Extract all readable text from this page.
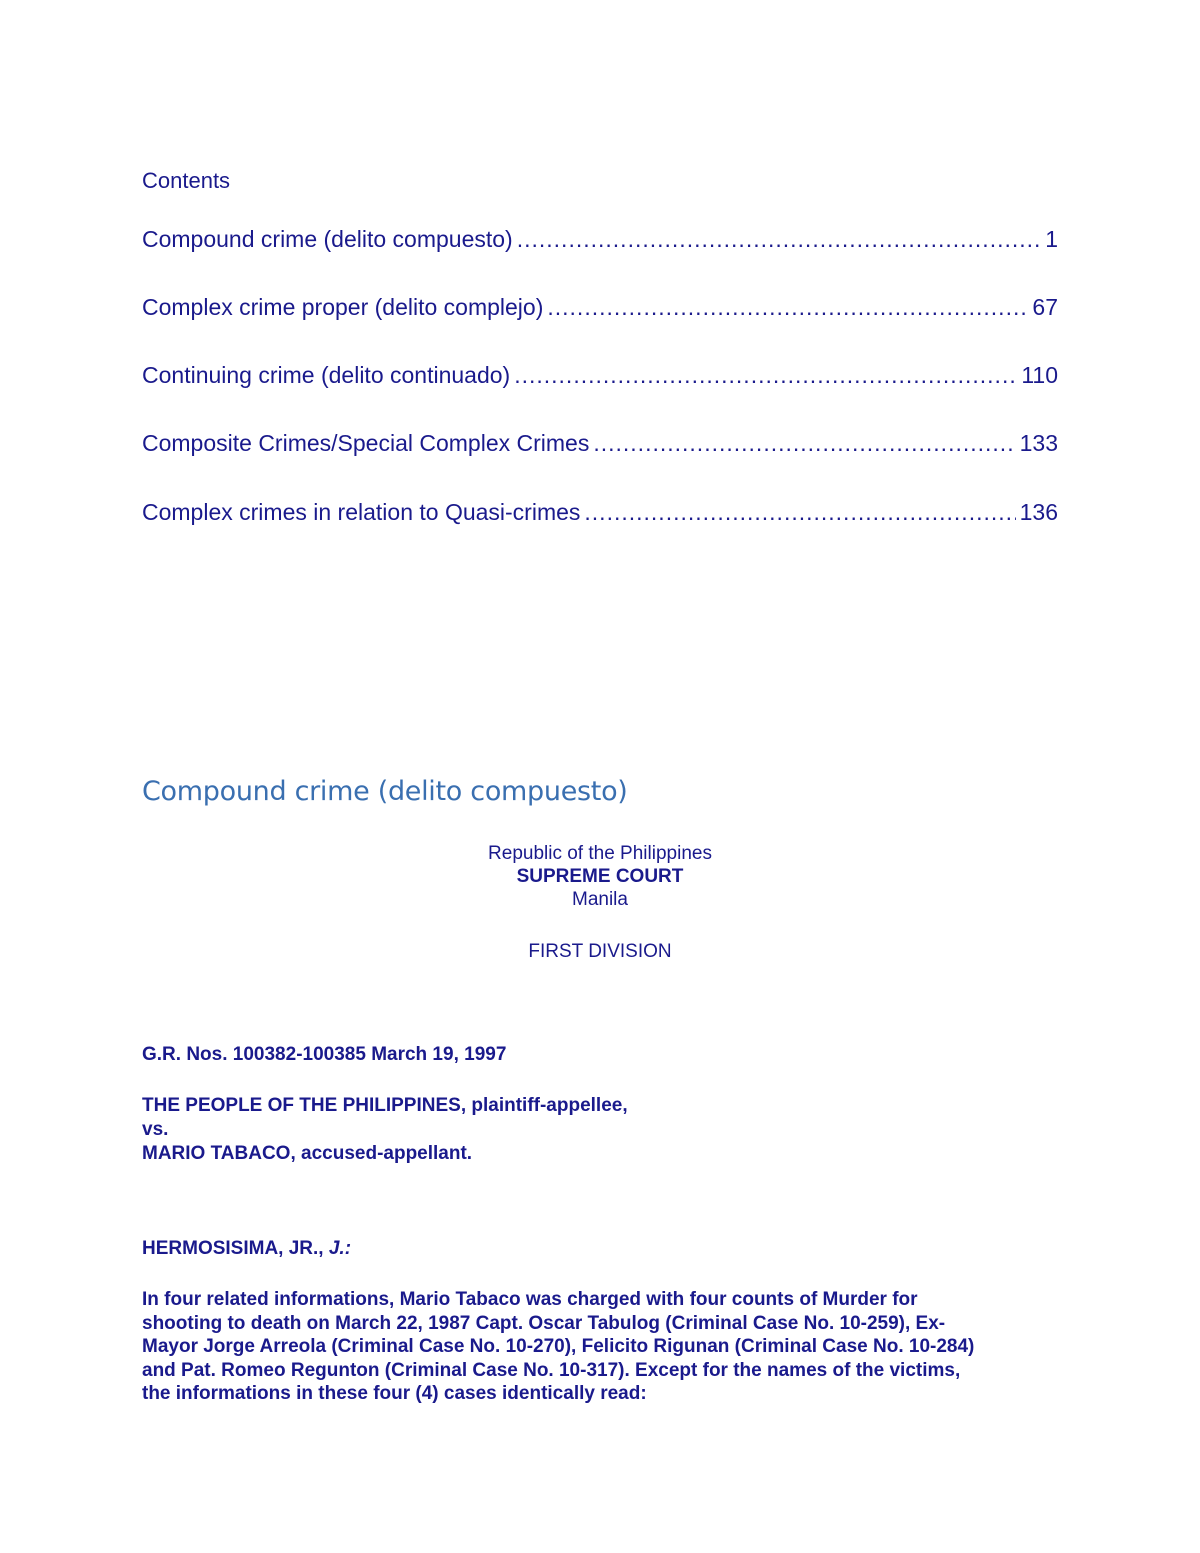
Contents
Compound crime (delito compuesto) .....	1
Complex crime proper (delito complejo) .....	67
Continuing crime (delito continuado) .....	110
Composite Crimes/Special Complex Crimes .....	133
Complex crimes in relation to Quasi-crimes .....	136
Compound crime (delito compuesto)
Republic of the Philippines
SUPREME COURT
Manila
FIRST DIVISION
G.R. Nos. 100382-100385 March 19, 1997
THE PEOPLE OF THE PHILIPPINES, plaintiff-appellee,
vs.
MARIO TABACO, accused-appellant.
HERMOSISIMA, JR., J.:
In four related informations, Mario Tabaco was charged with four counts of Murder for
shooting to death on March 22, 1987 Capt. Oscar Tabulog (Criminal Case No. 10-259), Ex-
Mayor Jorge Arreola (Criminal Case No. 10-270), Felicito Rigunan (Criminal Case No. 10-284)
and Pat. Romeo Regunton (Criminal Case No. 10-317). Except for the names of the victims,
the informations in these four (4) cases identically read:
